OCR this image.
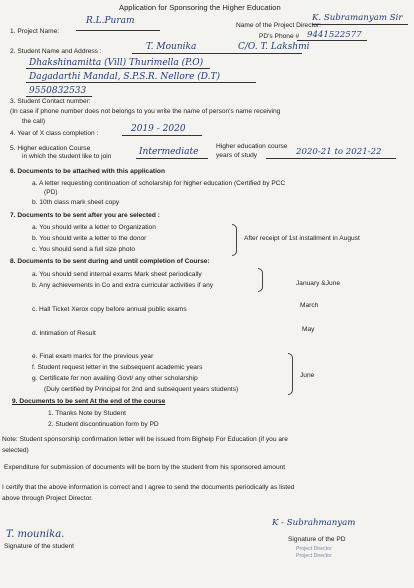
Application for Sponsoring the Higher Education
1. Project Name:
R.L.Puram	Name of the Project Director:
K. Subramanyam Sir
PD's Phone # 9441522577
2. Student Name and Address :	T. Mounika	C/O. T. Lakshmi
Dhakshinamitta (Vill) Thurimella (P.O)
Dagadarthi Mandal, S.P.S.R. Nellore (D.T)
9550832533
3. Student Contact number:
(In case if phone number does not belongs to you write the name of person's name receiving
the call)
4. Year of X class completion :	2019 - 2020
5. Higher education Course
in which the student like to join	Intermediate
Higher education course
years of study	2020-21 to 2021-22
6. Documents to be attached with this application
a. A letter requesting continuation of scholarship for higher education (Certified by PCC
(PD)
b. 10th class mark sheet copy
7. Documents to be sent after you are selected :
a. You should write a letter to Organization
b. You should write a letter to the donor
c. You should send a full size photo
After receipt of 1st installment in August
8. Documents to be sent during and until completion of Course:
a. You should send internal exams Mark sheet periodically
b. Any achievements in Co and extra curricular activities if any	January &June
c. Hall Ticket Xerox copy before annual public exams
March
d. Intimation of Result
May
e. Final exam marks for the previous year
f. Student request letter in the subsequent academic years
g. Certificate for non availing Govt/ any other scholarship
(Duly certified by Principal for 2nd and subsequent years students)
June
9. Documents to be sent At the end of the course
1. Thanks Note by Student
2. Student discontinuation form by PD
Note: Student sponsorship confirmation letter will be issued from Bighelp For Education (if you are
selected)
Expenditure for submission of documents will be born by the student from his sponsored amount
I certify that the above information is correct and I agree to send the documents periodically as listed
above through Project Director.
T. mounika.
Signature of the student
K - Subrahmanyam
Signature of the PD
Project Director
Project Director
